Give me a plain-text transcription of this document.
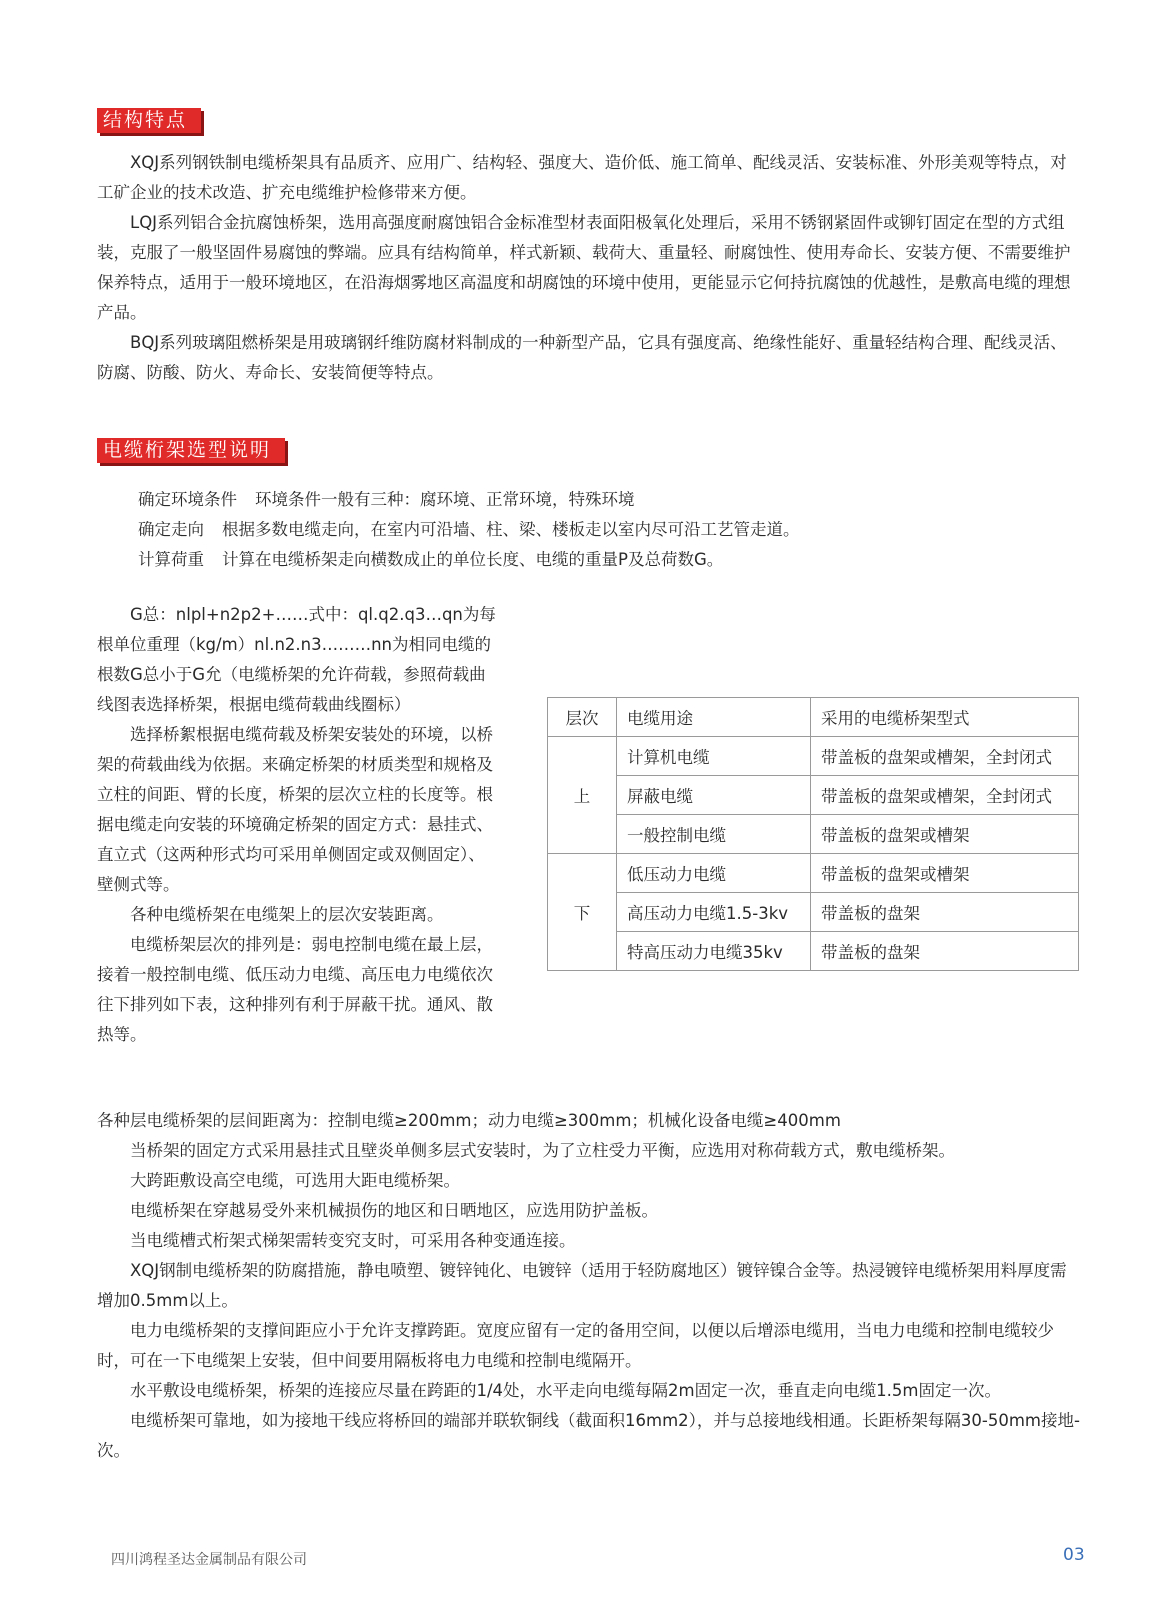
结构特点

XQJ系列钢铁制电缆桥架具有品质齐、应用广、结构轻、强度大、造价低、施工简单、配线灵活、安装标准、外形美观等特点，对工矿企业的技术改造、扩充电缆维护检修带来方便。

LQJ系列铝合金抗腐蚀桥架，选用高强度耐腐蚀铝合金标准型材表面阳极氧化处理后，采用不锈钢紧固件或铆钉固定在型的方式组装，克服了一般坚固件易腐蚀的弊端。应具有结构简单，样式新颖、载荷大、重量轻、耐腐蚀性、使用寿命长、安装方便、不需要维护保养特点，适用于一般环境地区，在沿海烟雾地区高温度和胡腐蚀的环境中使用，更能显示它何持抗腐蚀的优越性，是敷高电缆的理想产品。

BQJ系列玻璃阻燃桥架是用玻璃钢纤维防腐材料制成的一种新型产品，它具有强度高、绝缘性能好、重量轻结构合理、配线灵活、防腐、防酸、防火、寿命长、安装简便等特点。

电缆桁架选型说明
确定环境条件 环境条件一般有三种：腐环境、正常环境，特殊环境
确定走向 根据多数电缆走向，在室内可沿墙、柱、梁、楼板走以室内尽可沿工艺管走道。
计算荷重 计算在电缆桥架走向横数成止的单位长度、电缆的重量P及总荷数G。

G总：nlpl+n2p2+……式中：ql.q2.q3…qn为每根单位重理（kg/m）nl.n2.n3………nn为相同电缆的根数G总小于G允（电缆桥架的允许荷载，参照荷载曲线图表选择桥架，根据电缆荷载曲线圈标）

选择桥絮根据电缆荷载及桥架安装处的环境，以桥架的荷载曲线为依据。来确定桥架的材质类型和规格及立柱的间距、臂的长度，桥架的层次立柱的长度等。根据电缆走向安装的环境确定桥架的固定方式：悬挂式、直立式（这两种形式均可采用单侧固定或双侧固定）、壁侧式等。

各种电缆桥架在电缆架上的层次安装距离。

电缆桥架层次的排列是：弱电控制电缆在最上层，接着一般控制电缆、低压动力电缆、高压电力电缆依次往下排列如下表，这种排列有利于屏蔽干扰。通风、散热等。

层次	电缆用途	采用的电缆桥架型式
上	计算机电缆	带盖板的盘架或槽架，全封闭式
	屏蔽电缆	带盖板的盘架或槽架，全封闭式
	一般控制电缆	带盖板的盘架或槽架
下	低压动力电缆	带盖板的盘架或槽架
	高压动力电缆1.5-3kv	带盖板的盘架
	特高压动力电缆35kv	带盖板的盘架

各种层电缆桥架的层间距离为：控制电缆≥200mm；动力电缆≥300mm；机械化设备电缆≥400mm

当桥架的固定方式采用悬挂式且壁炎单侧多层式安装时，为了立柱受力平衡，应选用对称荷载方式，敷电缆桥架。

大跨距敷设高空电缆，可选用大距电缆桥架。

电缆桥架在穿越易受外来机械损伤的地区和日晒地区，应选用防护盖板。

当电缆槽式桁架式梯架需转变究支时，可采用各种变通连接。

XQJ钢制电缆桥架的防腐措施，静电喷塑、镀锌钝化、电镀锌（适用于轻防腐地区）镀锌镍合金等。热浸镀锌电缆桥架用料厚度需增加0.5mm以上。

电力电缆桥架的支撑间距应小于允许支撑跨距。宽度应留有一定的备用空间，以便以后增添电缆用，当电力电缆和控制电缆较少时，可在一下电缆架上安装，但中间要用隔板将电力电缆和控制电缆隔开。

水平敷设电缆桥架，桥架的连接应尽量在跨距的1/4处，水平走向电缆每隔2m固定一次，垂直走向电缆1.5m固定一次。

电缆桥架可靠地，如为接地干线应将桥回的端部并联软铜线（截面积16mm2），并与总接地线相通。长距桥架每隔30-50mm接地-次。

四川鸿程圣达金属制品有限公司	03
